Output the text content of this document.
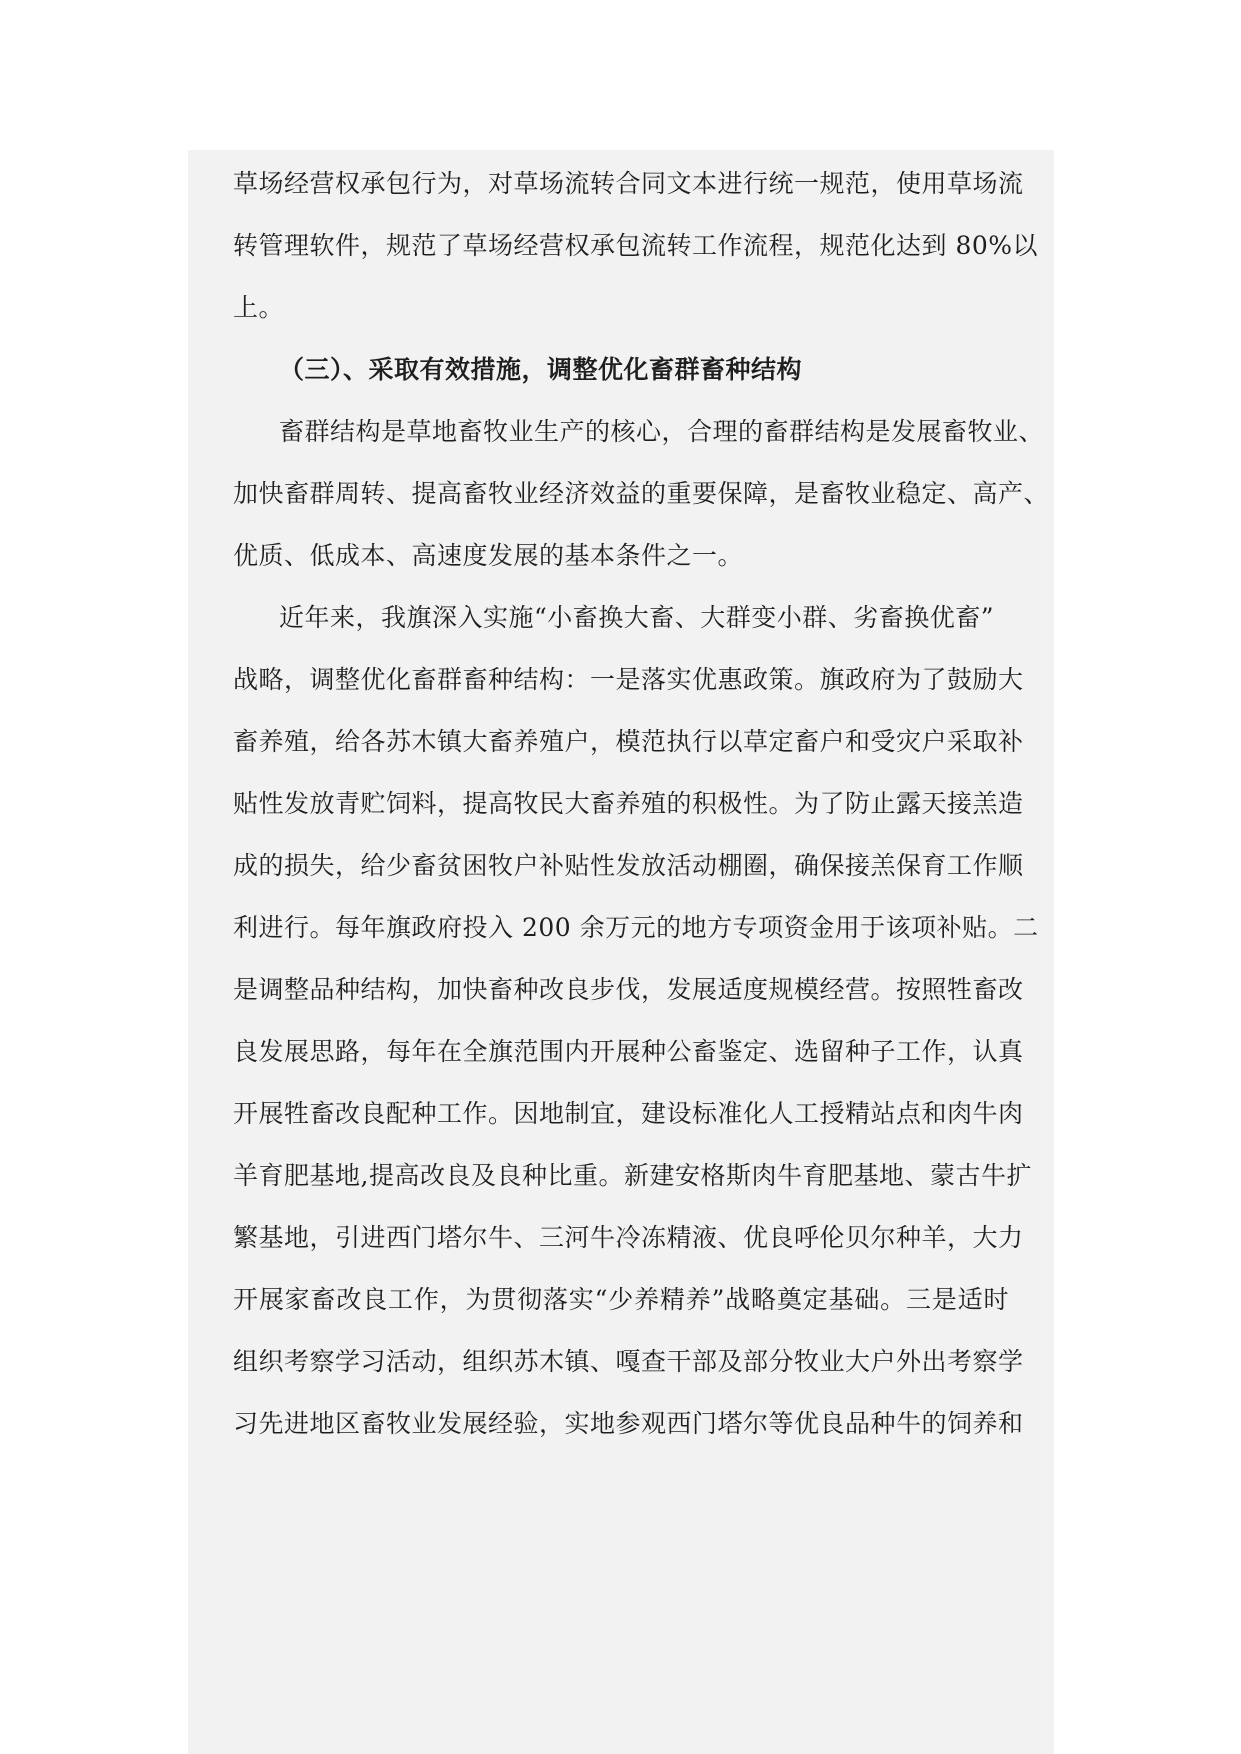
草场经营权承包行为，对草场流转合同文本进行统一规范，使用草场流
转管理软件，规范了草场经营权承包流转工作流程，规范化达到 80%以
上。
（三）、采取有效措施，调整优化畜群畜种结构
畜群结构是草地畜牧业生产的核心，合理的畜群结构是发展畜牧业、
加快畜群周转、提高畜牧业经济效益的重要保障，是畜牧业稳定、高产、
优质、低成本、高速度发展的基本条件之一。
近年来，我旗深入实施“小畜换大畜、大群变小群、劣畜换优畜”
战略，调整优化畜群畜种结构：一是落实优惠政策。旗政府为了鼓励大
畜养殖，给各苏木镇大畜养殖户，模范执行以草定畜户和受灾户采取补
贴性发放青贮饲料，提高牧民大畜养殖的积极性。为了防止露天接羔造
成的损失，给少畜贫困牧户补贴性发放活动棚圈，确保接羔保育工作顺
利进行。每年旗政府投入 200 余万元的地方专项资金用于该项补贴。二
是调整品种结构，加快畜种改良步伐，发展适度规模经营。按照牲畜改
良发展思路，每年在全旗范围内开展种公畜鉴定、选留种子工作，认真
开展牲畜改良配种工作。因地制宜，建设标准化人工授精站点和肉牛肉
羊育肥基地,提高改良及良种比重。新建安格斯肉牛育肥基地、蒙古牛扩
繁基地，引进西门塔尔牛、三河牛冷冻精液、优良呼伦贝尔种羊，大力
开展家畜改良工作，为贯彻落实“少养精养”战略奠定基础。三是适时
组织考察学习活动，组织苏木镇、嘎查干部及部分牧业大户外出考察学
习先进地区畜牧业发展经验，实地参观西门塔尔等优良品种牛的饲养和
